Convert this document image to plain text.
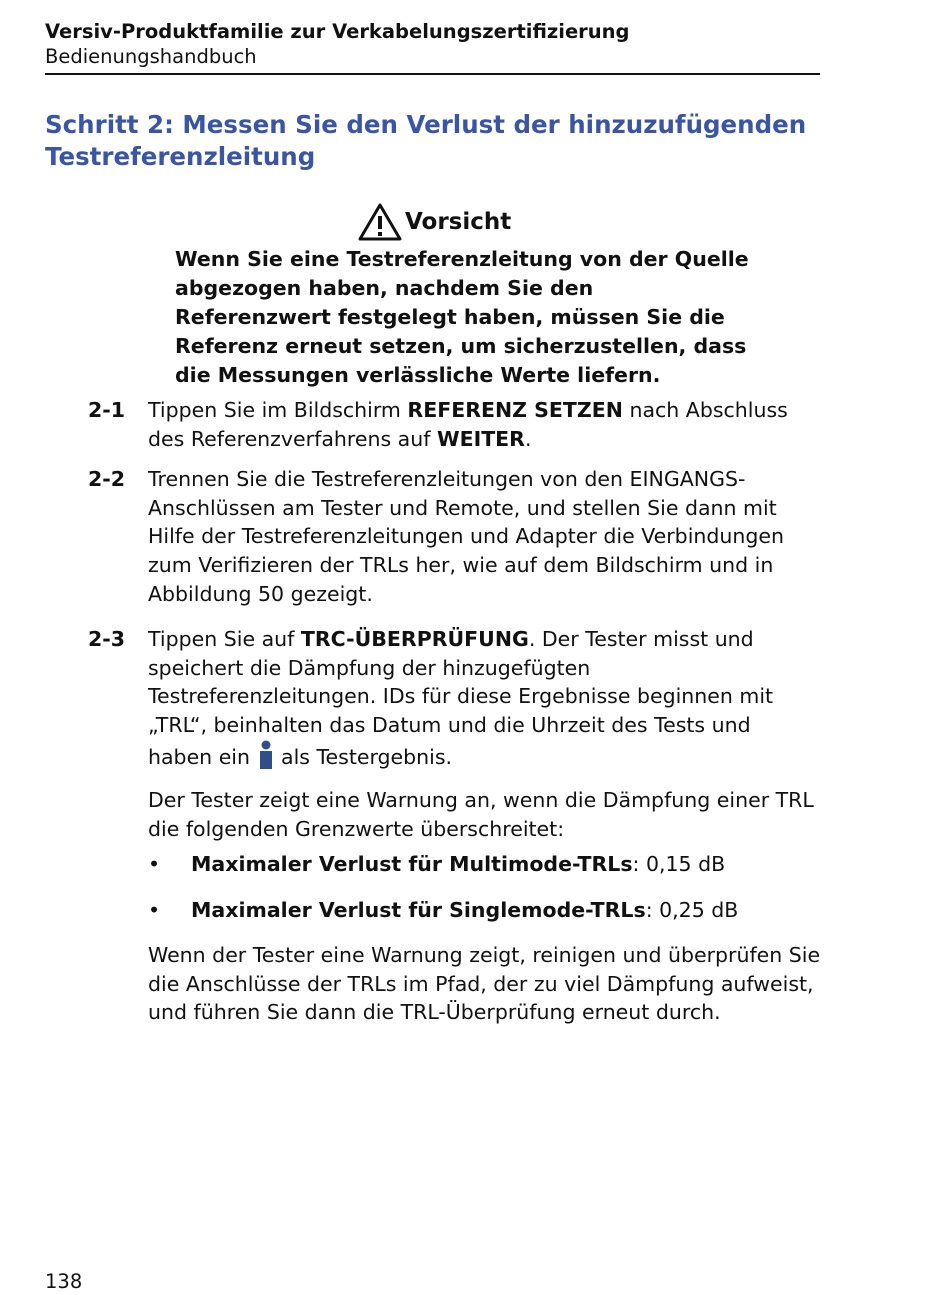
Versiv-Produktfamilie zur Verkabelungszertifizierung
Bedienungshandbuch
Schritt 2: Messen Sie den Verlust der hinzuzufügenden Testreferenzleitung
Vorsicht
Wenn Sie eine Testreferenzleitung von der Quelle abgezogen haben, nachdem Sie den Referenzwert festgelegt haben, müssen Sie die Referenz erneut setzen, um sicherzustellen, dass die Messungen verlässliche Werte liefern.
2-1	Tippen Sie im Bildschirm REFERENZ SETZEN nach Abschluss des Referenzverfahrens auf WEITER.
2-2	Trennen Sie die Testreferenzleitungen von den EINGANGS-Anschlüssen am Tester und Remote, und stellen Sie dann mit Hilfe der Testreferenzleitungen und Adapter die Verbindungen zum Verifizieren der TRLs her, wie auf dem Bildschirm und in Abbildung 50 gezeigt.
2-3	Tippen Sie auf TRC-ÜBERPRÜFUNG. Der Tester misst und speichert die Dämpfung der hinzugefügten Testreferenzleitungen. IDs für diese Ergebnisse beginnen mit „TRL“, beinhalten das Datum und die Uhrzeit des Tests und haben ein  als Testergebnis.
Der Tester zeigt eine Warnung an, wenn die Dämpfung einer TRL die folgenden Grenzwerte überschreitet:
• Maximaler Verlust für Multimode-TRLs: 0,15 dB
• Maximaler Verlust für Singlemode-TRLs: 0,25 dB
Wenn der Tester eine Warnung zeigt, reinigen und überprüfen Sie die Anschlüsse der TRLs im Pfad, der zu viel Dämpfung aufweist, und führen Sie dann die TRL-Überprüfung erneut durch.
138
